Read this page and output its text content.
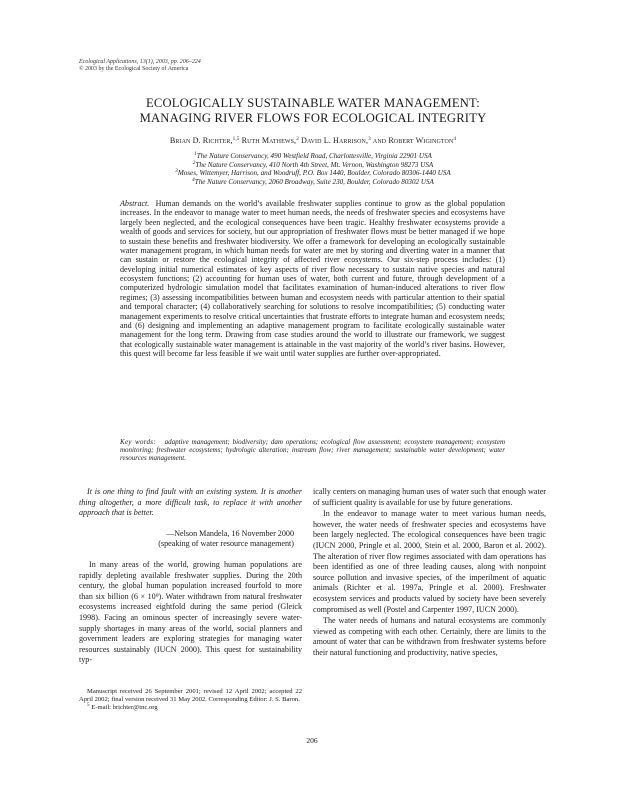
Ecological Applications, 13(1), 2003, pp. 206–224
© 2003 by the Ecological Society of America
ECOLOGICALLY SUSTAINABLE WATER MANAGEMENT:
MANAGING RIVER FLOWS FOR ECOLOGICAL INTEGRITY
Brian D. Richter,$^{1,5}$ Ruth Mathews,$^2$ David L. Harrison,$^3$ and Robert Wigington$^4$
$^1$The Nature Conservancy, 490 Westfield Road, Charlottesville, Virginia 22901 USA
$^2$The Nature Conservancy, 410 North 4th Street, Mt. Vernon, Washington 98273 USA
$^3$Moses, Wittemyer, Harrison, and Woodruff, P.O. Box 1440, Boulder, Colorado 80306-1440 USA
$^4$The Nature Conservancy, 2060 Broadway, Suite 230, Boulder, Colorado 80302 USA
Abstract. Human demands on the world’s available freshwater supplies continue to grow as the global population increases. In the endeavor to manage water to meet human needs, the needs of freshwater species and ecosystems have largely been neglected, and the ecological consequences have been tragic. Healthy freshwater ecosystems provide a wealth of goods and services for society, but our appropriation of freshwater flows must be better managed if we hope to sustain these benefits and freshwater biodiversity. We offer a framework for developing an ecologically sustainable water management program, in which human needs for water are met by storing and diverting water in a manner that can sustain or restore the ecological integrity of affected river ecosystems. Our six-step process includes: (1) developing initial numerical estimates of key aspects of river flow necessary to sustain native species and natural ecosystem functions; (2) accounting for human uses of water, both current and future, through development of a computerized hydrologic simulation model that facilitates examination of human-induced alterations to river flow regimes; (3) assessing incompatibilities between human and ecosystem needs with particular attention to their spatial and temporal character; (4) collaboratively searching for solutions to resolve incompatibilities; (5) conducting water management experiments to resolve critical uncertainties that frustrate efforts to integrate human and ecosystem needs; and (6) designing and implementing an adaptive management program to facilitate ecologically sustainable water management for the long term. Drawing from case studies around the world to illustrate our framework, we suggest that ecologically sustainable water management is attainable in the vast majority of the world’s river basins. However, this quest will become far less feasible if we wait until water supplies are further over-appropriated.
Key words: adaptive management; biodiversity; dam operations; ecological flow assessment; ecosystem management; ecosystem monitoring; freshwater ecosystems; hydrologic alteration; instream flow; river management; sustainable water development; water resources management.

It is one thing to find fault with an existing system. It is another thing altogether, a more difficult task, to replace it with another approach that is better.

—Nelson Mandela, 16 November 2000
(speaking of water resource management)

In many areas of the world, growing human populations are rapidly depleting available freshwater supplies. During the 20th century, the global human population increased fourfold to more than six billion (6 × 10⁹). Water withdrawn from natural freshwater ecosystems increased eightfold during the same period (Gleick 1998). Facing an ominous specter of increasingly severe water-supply shortages in many areas of the world, social planners and government leaders are exploring strategies for managing water resources sustainably (IUCN 2000). This quest for sustainability typ-

ically centers on managing human uses of water such that enough water of sufficient quality is available for use by future generations.

In the endeavor to manage water to meet various human needs, however, the water needs of freshwater species and ecosystems have been largely neglected. The ecological consequences have been tragic (IUCN 2000, Pringle et al. 2000, Stein et al. 2000, Baron et al. 2002). The alteration of river flow regimes associated with dam operations has been identified as one of three leading causes, along with nonpoint source pollution and invasive species, of the imperilment of aquatic animals (Richter et al. 1997a, Pringle et al. 2000). Freshwater ecosystem services and products valued by society have been severely compromised as well (Postel and Carpenter 1997, IUCN 2000).

The water needs of humans and natural ecosystems are commonly viewed as competing with each other. Certainly, there are limits to the amount of water that can be withdrawn from freshwater systems before their natural functioning and productivity, native species,

Manuscript received 26 September 2001; revised 12 April 2002; accepted 22 April 2002; final version received 31 May 2002. Corresponding Editor: J. S. Baron.

$^5$ E-mail: brichter@tnc.org

206
